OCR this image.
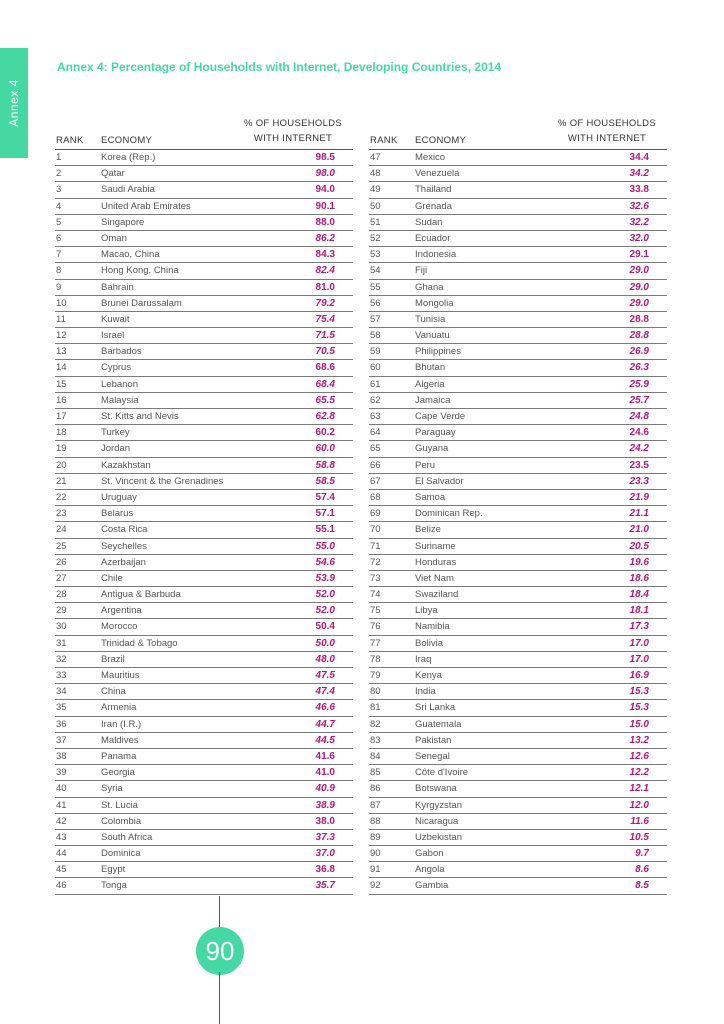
Annex 4
Annex 4: Percentage of Households with Internet, Developing Countries, 2014
RANK ECONOMY
% OF HOUSEHOLDS
WITH INTERNET
1	Korea (Rep.)	98.5
2	Qatar	98.0
3	Saudi Arabia	94.0
4	United Arab Emirates	90.1
5	Singapore	88.0
6	Oman	86.2
7	Macao, China	84.3
8	Hong Kong, China	82.4
9	Bahrain	81.0
10	Brunei Darussalam	79.2
11	Kuwait	75.4
12	Israel	71.5
13	Barbados	70.5
14	Cyprus	68.6
15	Lebanon	68.4
16	Malaysia	65.5
17	St. Kitts and Nevis	62.8
18	Turkey	60.2
19	Jordan	60.0
20	Kazakhstan	58.8
21	St. Vincent & the Grenadines	58.5
22	Uruguay	57.4
23	Belarus	57.1
24	Costa Rica	55.1
25	Seychelles	55.0
26	Azerbaijan	54.6
27	Chile	53.9
28	Antigua & Barbuda	52.0
29	Argentina	52.0
30	Morocco	50.4
31	Trinidad & Tobago	50.0
32	Brazil	48.0
33	Mauritius	47.5
34	China	47.4
35	Armenia	46.6
36	Iran (I.R.)	44.7
37	Maldives	44.5
38	Panama	41.6
39	Georgia	41.0
40	Syria	40.9
41	St. Lucia	38.9
42	Colombia	38.0
43	South Africa	37.3
44	Dominica	37.0
45	Egypt	36.8
46	Tonga	35.7
RANK ECONOMY
% OF HOUSEHOLDS
WITH INTERNET
47	Mexico	34.4
48	Venezuela	34.2
49	Thailand	33.8
50	Grenada	32.6
51	Sudan	32.2
52	Ecuador	32.0
53	Indonesia	29.1
54	Fiji	29.0
55	Ghana	29.0
56	Mongolia	29.0
57	Tunisia	28.8
58	Vanuatu	28.8
59	Philippines	26.9
60	Bhutan	26.3
61	Algeria	25.9
62	Jamaica	25.7
63	Cape Verde	24.8
64	Paraguay	24.6
65	Guyana	24.2
66	Peru	23.5
67	El Salvador	23.3
68	Samoa	21.9
69	Dominican Rep.	21.1
70	Belize	21.0
71	Suriname	20.5
72	Honduras	19.6
73	Viet Nam	18.6
74	Swaziland	18.4
75	Libya	18.1
76	Namibia	17.3
77	Bolivia	17.0
78	Iraq	17.0
79	Kenya	16.9
80	India	15.3
81	Sri Lanka	15.3
82	Guatemala	15.0
83	Pakistan	13.2
84	Senegal	12.6
85	Côte d'Ivoire	12.2
86	Botswana	12.1
87	Kyrgyzstan	12.0
88	Nicaragua	11.6
89	Uzbekistan	10.5
90	Gabon	9.7
91	Angola	8.6
92	Gambia	8.5
90
